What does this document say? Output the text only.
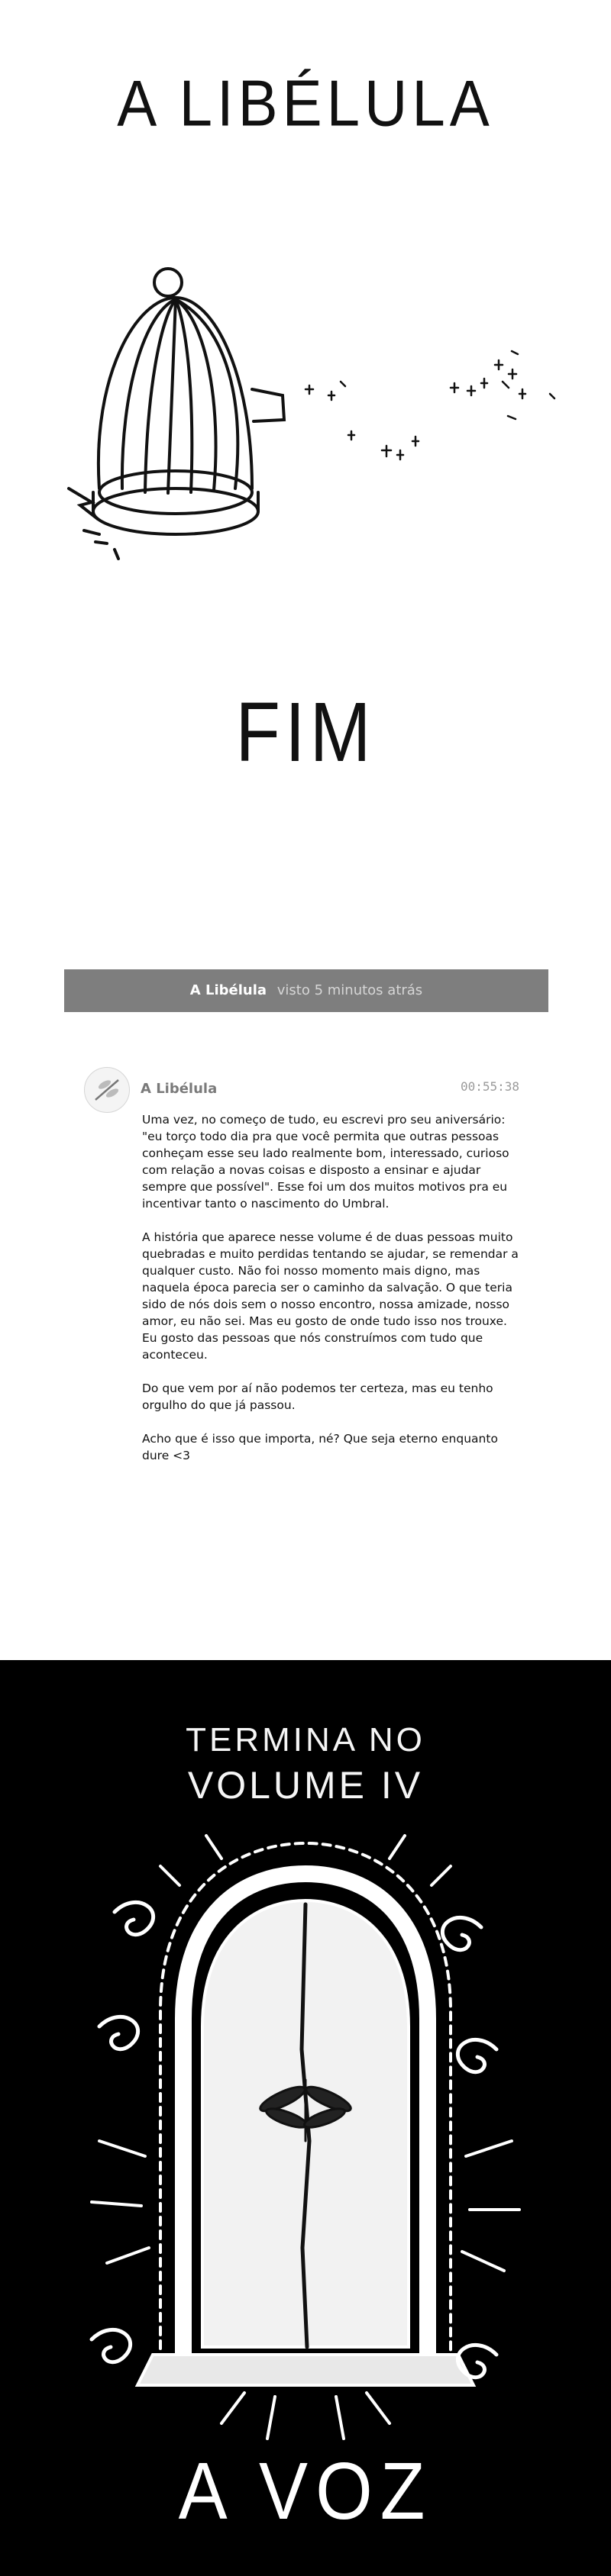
A LIBÉLULA
FIM
A Libélula visto 5 minutos atrás
A Libélula	00:55:38

Uma vez, no começo de tudo, eu escrevi pro seu aniversário: "eu torço todo dia pra que você permita que outras pessoas conheçam esse seu lado realmente bom, interessado, curioso com relação a novas coisas e disposto a ensinar e ajudar sempre que possível". Esse foi um dos muitos motivos pra eu incentivar tanto o nascimento do Umbral.

A história que aparece nesse volume é de duas pessoas muito quebradas e muito perdidas tentando se ajudar, se remendar a qualquer custo. Não foi nosso momento mais digno, mas naquela época parecia ser o caminho da salvação. O que teria sido de nós dois sem o nosso encontro, nossa amizade, nosso amor, eu não sei. Mas eu gosto de onde tudo isso nos trouxe. Eu gosto das pessoas que nós construímos com tudo que aconteceu.

Do que vem por aí não podemos ter certeza, mas eu tenho orgulho do que já passou.

Acho que é isso que importa, né? Que seja eterno enquanto dure <3

TERMINA NO
VOLUME IV
A VOZ
